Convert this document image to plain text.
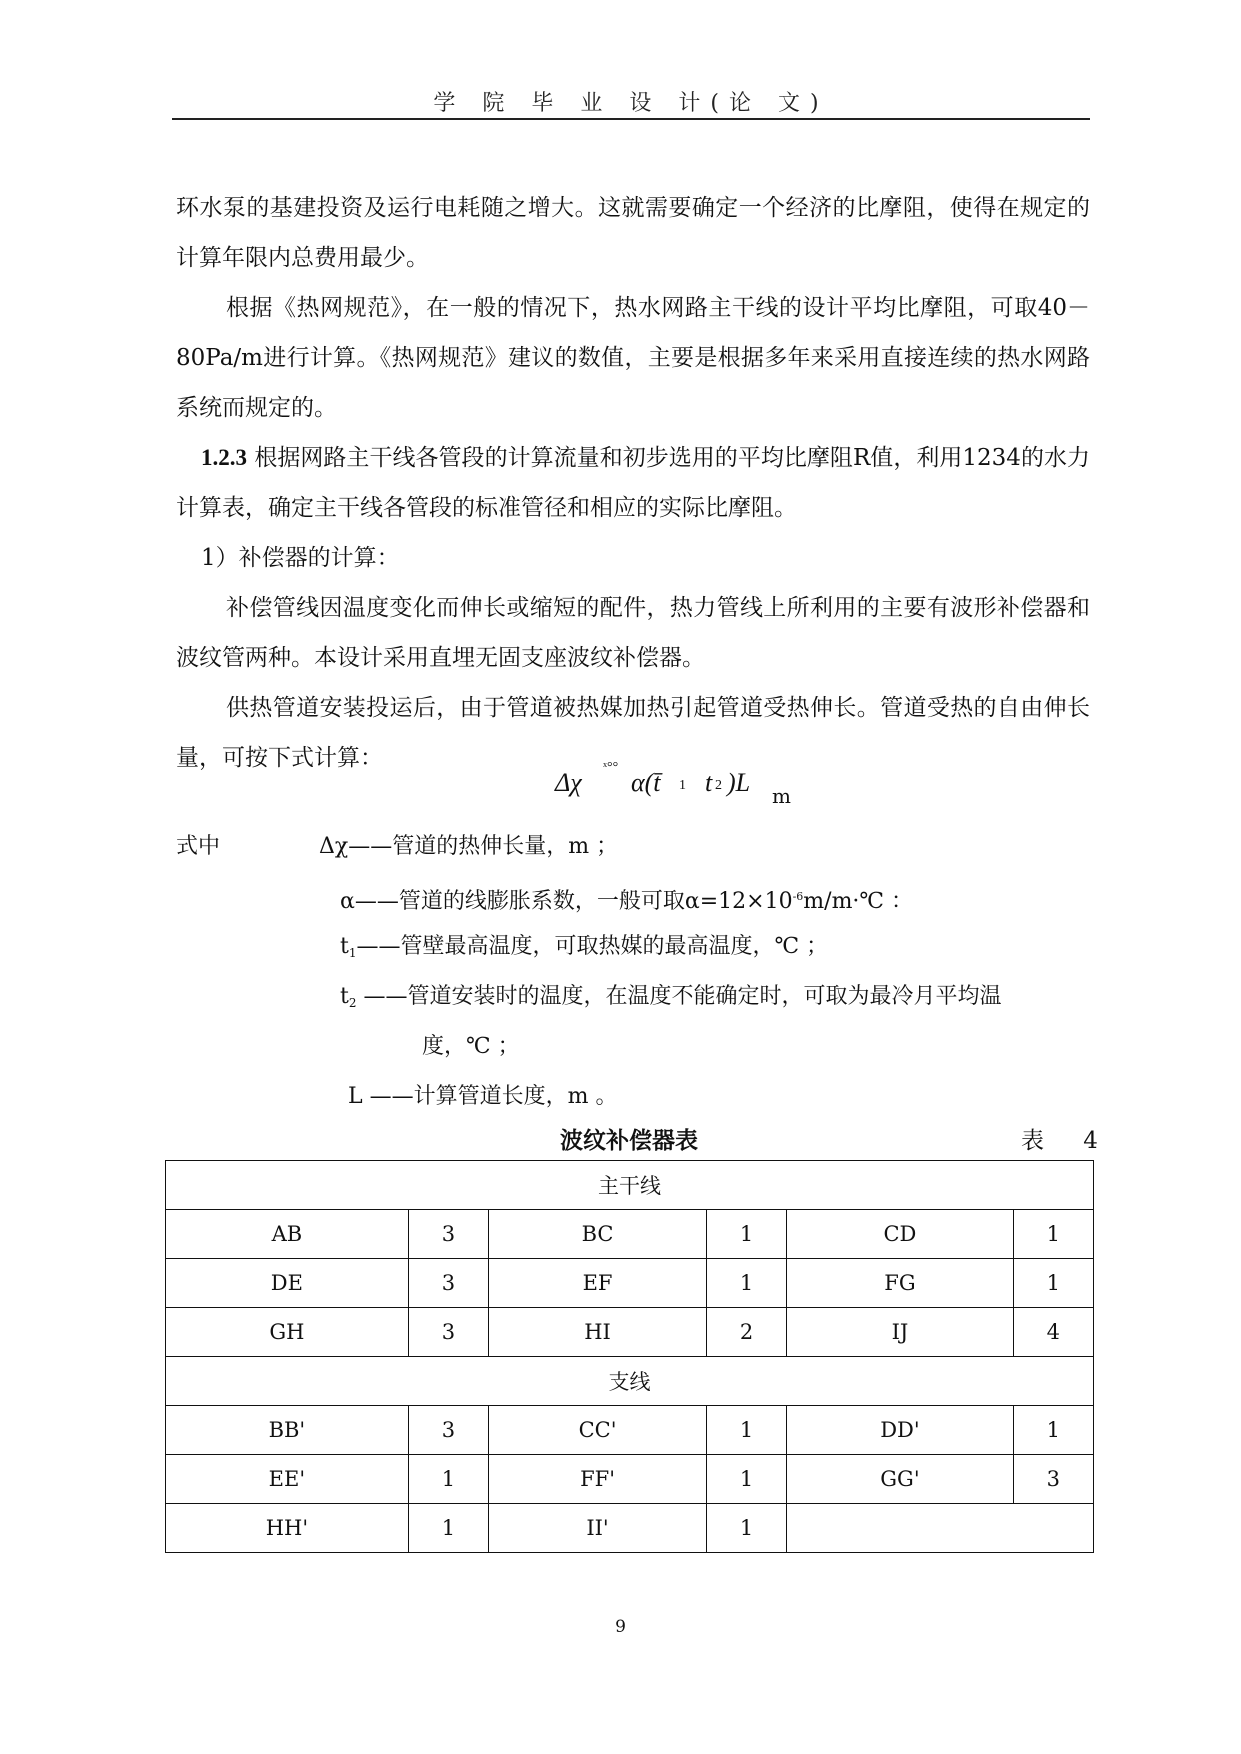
学 院 毕 业 设 计(论 文)

环水泵的基建投资及运行电耗随之增大。这就需要确定一个经济的比摩阻，使得在规定的计算年限内总费用最少。

根据《热网规范》，在一般的情况下，热水网路主干线的设计平均比摩阻，可取40－80Pa/m进行计算。《热网规范》建议的数值，主要是根据多年来采用直接连续的热水网路系统而规定的。

1.2.3 根据网路主干线各管段的计算流量和初步选用的平均比摩阻R值，利用1234的水力计算表，确定主干线各管段的标准管径和相应的实际比摩阻。

1）补偿器的计算：

补偿管线因温度变化而伸长或缩短的配件，热力管线上所利用的主要有波形补偿器和波纹管两种。本设计采用直埋无固支座波纹补偿器。

供热管道安装投运后，由于管道被热媒加热引起管道受热伸长。管道受热的自由伸长量，可按下式计算：

Δχ
ˣ°°
α(t̄ 1 t 2 )L m
式中	Δχ——管道的热伸长量，m ；
α——管道的线膨胀系数，一般可取$\alpha=12\times 10^{-6}m/m\cdot℃$ ：
$t_1——$管壁最高温度，可取热媒的最高温度，℃ ；
$t_2$ ——管道安装时的温度，在温度不能确定时，可取为最冷月平均温
度，℃ ；
L ——计算管道长度，m 。
波纹补偿器表	表 4
主干线					
AB	3	BC	1	CD	1
DE	3	EF	1	FG	1
GH	3	HI	2	IJ	4
支线					
BB'	3	CC'	1	DD'	1
EE'	1	FF'	1	GG'	3
HH'	1	II'	1		
9
